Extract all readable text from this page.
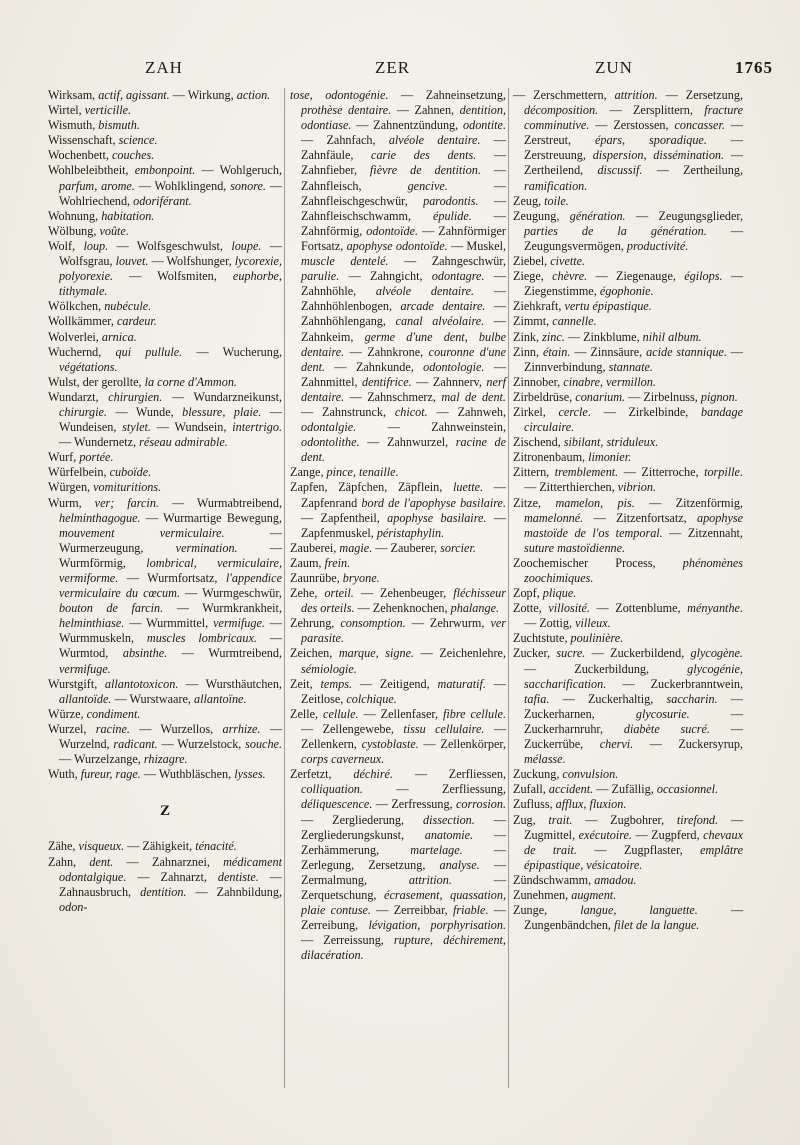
ZAH	ZER	ZUN	1765

Wirksam, actif, agissant. — Wirkung, action.

Wirtel, verticille.

Wismuth, bismuth.

Wissenschaft, science.

Wochenbett, couches.

Wohlbeleibtheit, embonpoint. — Wohlgeruch, parfum, arome. — Wohlklingend, sonore. — Wohlriechend, odoriférant.

Wohnung, habitation.

Wölbung, voûte.

Wolf, loup. — Wolfsgeschwulst, loupe. — Wolfsgrau, louvet. — Wolfshunger, lycorexie, polyorexie. — Wolfsmiten, euphorbe, tithymale.

Wölkchen, nubécule.

Wollkämmer, cardeur.

Wolverlei, arnica.

Wuchernd, qui pullule. — Wucherung, végétations.

Wulst, der gerollte, la corne d'Ammon.

Wundarzt, chirurgien. — Wundarzneikunst, chirurgie. — Wunde, blessure, plaie. — Wundeisen, stylet. — Wundsein, intertrigo. — Wundernetz, réseau admirable.

Wurf, portée.

Würfelbein, cuboïde.

Würgen, vomituritions.

Wurm, ver; farcin. — Wurmabtreibend, helminthagogue. — Wurmartige Bewegung, mouvement vermiculaire. — Wurmerzeugung, vermination. — Wurmförmig, lombrical, vermiculaire, vermiforme. — Wurmfortsatz, l'appendice vermiculaire du cœcum. — Wurmgeschwür, bouton de farcin. — Wurmkrankheit, helminthiase. — Wurmmittel, vermifuge. — Wurmmuskeln, muscles lombricaux. — Wurmtod, absinthe. — Wurmtreibend, vermifuge.

Wurstgift, allantotoxicon. — Wursthäutchen, allantoïde. — Wurstwaare, allantoïne.

Würze, condiment.

Wurzel, racine. — Wurzellos, arrhize. — Wurzelnd, radicant. — Wurzelstock, souche. — Wurzelzange, rhizagre.

Wuth, fureur, rage. — Wuthbläschen, lysses.

Z

Zähe, visqueux. — Zähigkeit, ténacité.

Zahn, dent. — Zahnarznei, médicament odontalgique. — Zahnarzt, dentiste. — Zahnausbruch, dentition. — Zahnbildung, odon-

tose, odontogénie. — Zahneinsetzung, prothèse dentaire. — Zahnen, dentition, odontiase. — Zahnentzündung, odontite. — Zahnfach, alvéole dentaire. — Zahnfäule, carie des dents. — Zahnfieber, fièvre de dentition. — Zahnfleisch, gencive. — Zahnfleischgeschwür, parodontis. — Zahnfleischschwamm, épulide. — Zahnförmig, odontoïde. — Zahnförmiger Fortsatz, apophyse odontoïde. — Muskel, muscle dentelé. — Zahngeschwür, parulie. — Zahngicht, odontagre. — Zahnhöhle, alvéole dentaire. — Zahnhöhlenbogen, arcade dentaire. — Zahnhöhlengang, canal alvéolaire. — Zahnkeim, germe d'une dent, bulbe dentaire. — Zahnkrone, couronne d'une dent. — Zahnkunde, odontologie. — Zahnmittel, dentifrice. — Zahnnerv, nerf dentaire. — Zahnschmerz, mal de dent. — Zahnstrunck, chicot. — Zahnweh, odontalgie. — Zahnweinstein, odontolithe. — Zahnwurzel, racine de dent.

Zange, pince, tenaille.

Zapfen, Zäpfchen, Zäpflein, luette. — Zapfenrand bord de l'apophyse basilaire. — Zapfentheil, apophyse basilaire. — Zapfenmuskel, péristaphylin.

Zauberei, magie. — Zauberer, sorcier.

Zaum, frein.

Zaunrübe, bryone.

Zehe, orteil. — Zehenbeuger, fléchisseur des orteils. — Zehenknochen, phalange.

Zehrung, consomption. — Zehrwurm, ver parasite.

Zeichen, marque, signe. — Zeichenlehre, sémiologie.

Zeit, temps. — Zeitigend, maturatif. — Zeitlose, colchique.

Zelle, cellule. — Zellenfaser, fibre cellule. — Zellengewebe, tissu cellulaire. — Zellenkern, cystoblaste. — Zellenkörper, corps caverneux.

Zerfetzt, déchiré. — Zerfliessen, colliquation. — Zerfliessung, déliquescence. — Zerfressung, corrosion. — Zergliederung, dissection. — Zergliederungskunst, anatomie. — Zerhämmerung, martelage. — Zerlegung, Zersetzung, analyse. — Zermalmung, attrition. — Zerquetschung, écrasement, quassation, plaie contuse. — Zerreibbar, friable. — Zerreibung, lévigation, porphyrisation. — Zerreissung, rupture, déchirement, dilacération.

— Zerschmettern, attrition. — Zersetzung, décomposition. — Zersplittern, fracture comminutive. — Zerstossen, concasser. — Zerstreut, épars, sporadique. — Zerstreuung, dispersion, dissémination. — Zertheilend, discussif. — Zertheilung, ramification.

Zeug, toile.

Zeugung, génération. — Zeugungsglieder, parties de la génération. — Zeugungsvermögen, productivité.

Ziebel, civette.

Ziege, chèvre. — Ziegenauge, égilops. — Ziegenstimme, égophonie.

Ziehkraft, vertu épipastique.

Zimmt, cannelle.

Zink, zinc. — Zinkblume, nihil album.

Zinn, étain. — Zinnsäure, acide stannique. — Zinnverbindung, stannate.

Zinnober, cinabre, vermillon.

Zirbeldrüse, conarium. — Zirbelnuss, pignon.

Zirkel, cercle. — Zirkelbinde, bandage circulaire.

Zischend, sibilant, striduleux.

Zitronenbaum, limonier.

Zittern, tremblement. — Zitterroche, torpille. — Zitterthierchen, vibrion.

Zitze, mamelon, pis. — Zitzenförmig, mamelonné. — Zitzenfortsatz, apophyse mastoïde de l'os temporal. — Zitzennaht, suture mastoïdienne.

Zoochemischer Process, phénomènes zoochimiques.

Zopf, plique.

Zotte, villosité. — Zottenblume, ményanthe. — Zottig, villeux.

Zuchtstute, poulinière.

Zucker, sucre. — Zuckerbildend, glycogène. — Zuckerbildung, glycogénie, saccharification. — Zuckerbranntwein, tafia. — Zuckerhaltig, saccharin. — Zuckerharnen, glycosurie. — Zuckerharnruhr, diabète sucré. — Zuckerrübe, chervi. — Zuckersyrup, mélasse.

Zuckung, convulsion.

Zufall, accident. — Zufällig, occasionnel.

Zufluss, afflux, fluxion.

Zug, trait. — Zugbohrer, tirefond. — Zugmittel, exécutoire. — Zugpferd, chevaux de trait. — Zugpflaster, emplâtre épipastique, vésicatoire.

Zündschwamm, amadou.

Zunehmen, augment.

Zunge, langue, languette. — Zungenbändchen, filet de la langue.
